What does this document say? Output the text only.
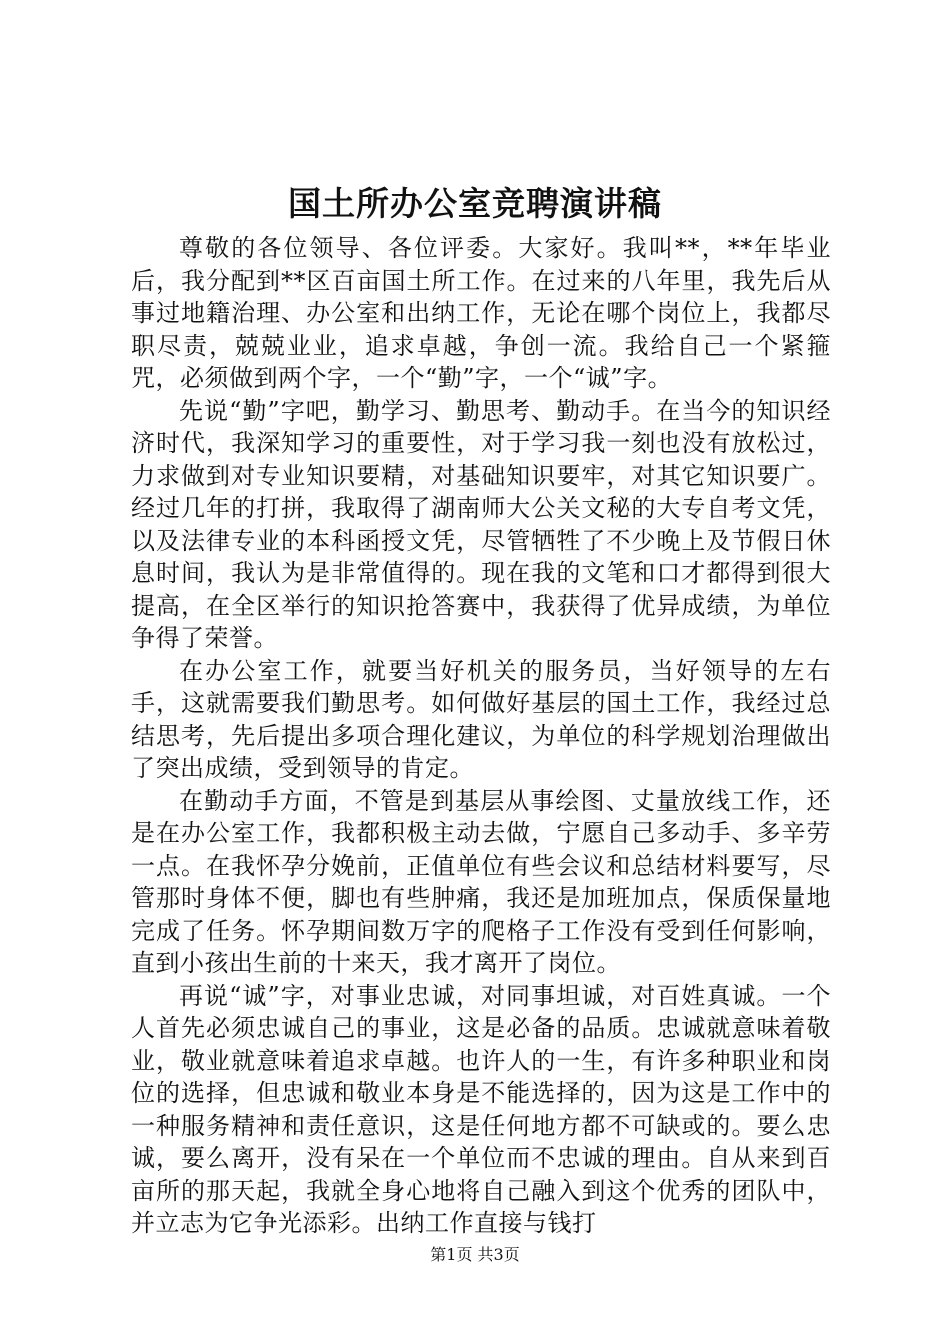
国土所办公室竞聘演讲稿

尊敬的各位领导、各位评委。大家好。我叫**，**年毕业后，我分配到**区百亩国土所工作。在过来的八年里，我先后从事过地籍治理、办公室和出纳工作，无论在哪个岗位上，我都尽职尽责，兢兢业业，追求卓越，争创一流。我给自己一个紧箍咒，必须做到两个字，一个“勤”字，一个“诚”字。

先说“勤”字吧，勤学习、勤思考、勤动手。在当今的知识经济时代，我深知学习的重要性，对于学习我一刻也没有放松过，力求做到对专业知识要精，对基础知识要牢，对其它知识要广。经过几年的打拼，我取得了湖南师大公关文秘的大专自考文凭，以及法律专业的本科函授文凭，尽管牺牲了不少晚上及节假日休息时间，我认为是非常值得的。现在我的文笔和口才都得到很大提高，在全区举行的知识抢答赛中，我获得了优异成绩，为单位争得了荣誉。

在办公室工作，就要当好机关的服务员，当好领导的左右手，这就需要我们勤思考。如何做好基层的国土工作，我经过总结思考，先后提出多项合理化建议，为单位的科学规划治理做出了突出成绩，受到领导的肯定。

在勤动手方面，不管是到基层从事绘图、丈量放线工作，还是在办公室工作，我都积极主动去做，宁愿自己多动手、多辛劳一点。在我怀孕分娩前，正值单位有些会议和总结材料要写，尽管那时身体不便，脚也有些肿痛，我还是加班加点，保质保量地完成了任务。怀孕期间数万字的爬格子工作没有受到任何影响，直到小孩出生前的十来天，我才离开了岗位。

再说“诚”字，对事业忠诚，对同事坦诚，对百姓真诚。一个人首先必须忠诚自己的事业，这是必备的品质。忠诚就意味着敬业，敬业就意味着追求卓越。也许人的一生，有许多种职业和岗位的选择，但忠诚和敬业本身是不能选择的，因为这是工作中的一种服务精神和责任意识，这是任何地方都不可缺或的。要么忠诚，要么离开，没有呆在一个单位而不忠诚的理由。自从来到百亩所的那天起，我就全身心地将自己融入到这个优秀的团队中，并立志为它争光添彩。出纳工作直接与钱打

第1页 共3页
